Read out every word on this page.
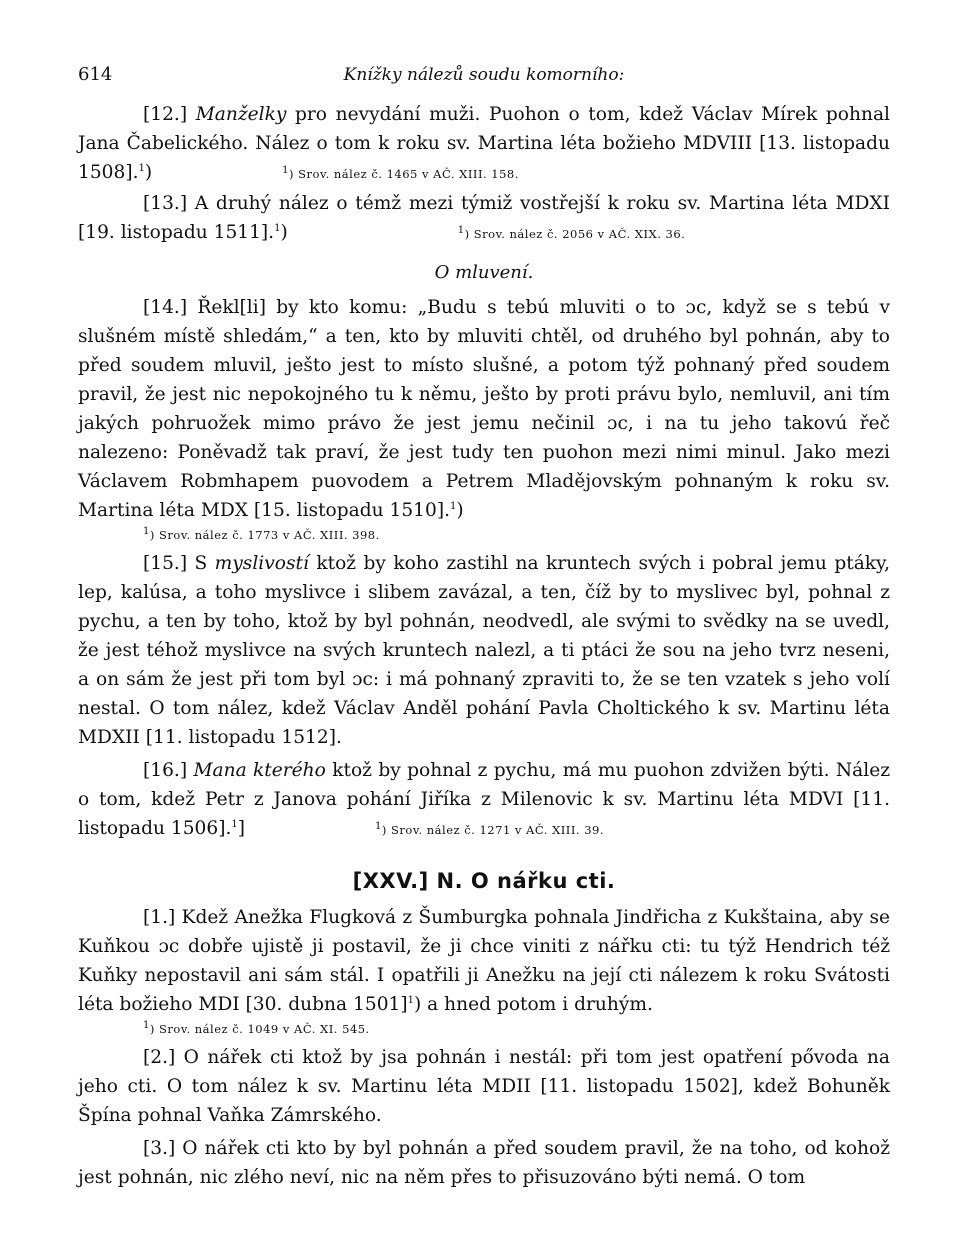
614	Knížky nálezů soudu komorního:

[12.] Manželky pro nevydání muži. Puohon o tom, kdež Václav Mírek pohnal Jana Čabelického. Nález o tom k roku sv. Martina léta božieho MDVIII [13. listopadu 1508].$^1$)	$^1$) Srov. nález č. 1465 v AČ. XIII. 158.

[13.] A druhý nález o témž mezi týmiž vostřejší k roku sv. Martina léta MDXI [19. listopadu 1511].$^1$)	$^1$) Srov. nález č. 2056 v AČ. XIX. 36.

O mluvení.

[14.] Řekl[li] by kto komu: „Budu s tebú mluviti o to ɔc, když se s tebú v slušném místě shledám,“ a ten, kto by mluviti chtěl, od druhého byl pohnán, aby to před soudem mluvil, ješto jest to místo slušné, a potom týž pohnaný před soudem pravil, že jest nic nepokojného tu k němu, ješto by proti právu bylo, nemluvil, ani tím jakých pohruožek mimo právo že jest jemu nečinil ɔc, i na tu jeho takovú řeč nalezeno: Poněvadž tak praví, že jest tudy ten puohon mezi nimi minul. Jako mezi Václavem Robmhapem puovodem a Petrem Mladějovským pohnaným k roku sv. Martina léta MDX [15. listopadu 1510].$^1$)

$^1$) Srov. nález č. 1773 v AČ. XIII. 398.

[15.] S myslivostí ktož by koho zastihl na kruntech svých i pobral jemu ptáky, lep, kalúsa, a toho myslivce i slibem zavázal, a ten, číž by to myslivec byl, pohnal z pychu, a ten by toho, ktož by byl pohnán, neodvedl, ale svými to svědky na se uvedl, že jest téhož myslivce na svých kruntech nalezl, a ti ptáci že sou na jeho tvrz neseni, a on sám že jest při tom byl ɔc: i má pohnaný zpraviti to, že se ten vzatek s jeho volí nestal. O tom nález, kdež Václav Anděl pohání Pavla Choltického k sv. Martinu léta MDXII [11. listopadu 1512].

[16.] Mana kterého ktož by pohnal z pychu, má mu puohon zdvižen býti. Nález o tom, kdež Petr z Janova pohání Jiříka z Milenovic k sv. Martinu léta MDVI [11. listopadu 1506].$^1$]	$^1$) Srov. nález č. 1271 v AČ. XIII. 39.

[XXV.] N. O nářku cti.

[1.] Kdež Anežka Flugková z Šumburgka pohnala Jindřicha z Kukštaina, aby se Kuňkou ɔc dobře ujistě ji postavil, že ji chce viniti z nářku cti: tu týž Hendrich též Kuňky nepostavil ani sám stál. I opatřili ji Anežku na její cti nálezem k roku Svátosti léta božieho MDI [30. dubna 1501]$^1$) a hned potom i druhým.

$^1$) Srov. nález č. 1049 v AČ. XI. 545.

[2.] O nářek cti ktož by jsa pohnán i nestál: při tom jest opatření pővoda na jeho cti. O tom nález k sv. Martinu léta MDII [11. listopadu 1502], kdež Bohuněk Špína pohnal Vaňka Zámrského.

[3.] O nářek cti kto by byl pohnán a před soudem pravil, že na toho, od kohož jest pohnán, nic zlého neví, nic na něm přes to přisuzováno býti nemá. O tom
